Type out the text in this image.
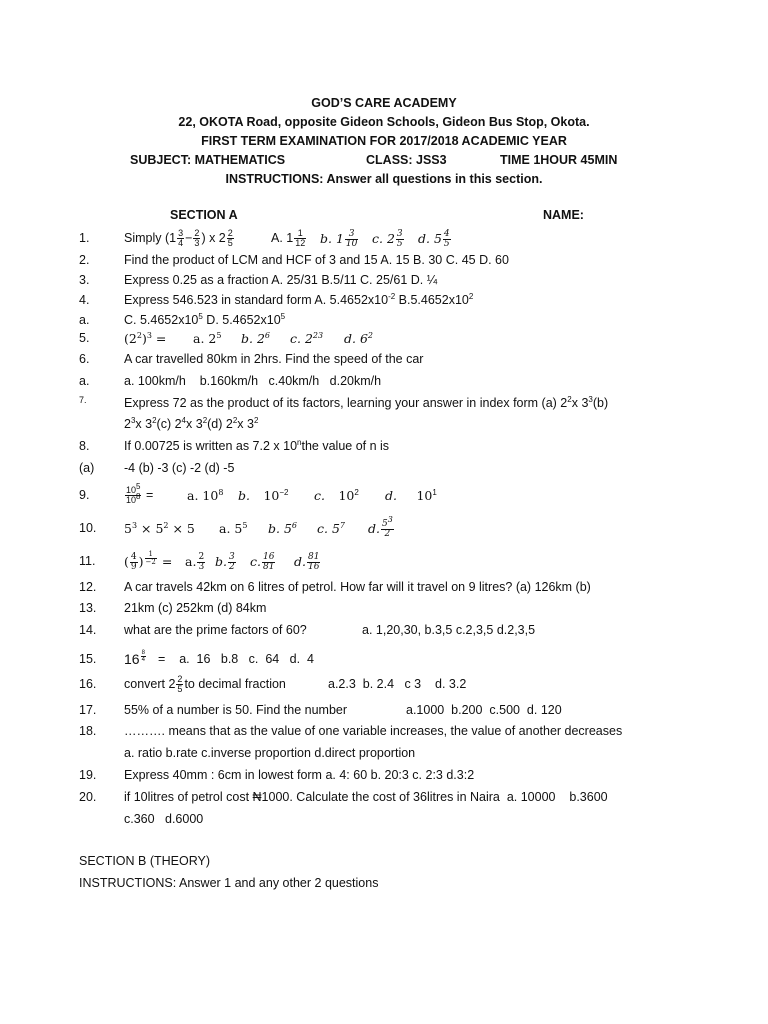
GOD’S CARE ACADEMY
22, OKOTA Road, opposite Gideon Schools, Gideon Bus Stop, Okota.
FIRST TERM EXAMINATION FOR 2017/2018 ACADEMIC YEAR
SUBJECT: MATHEMATICS	CLASS: JSS3	TIME 1HOUR 45MIN
INSTRUCTIONS: Answer all questions in this section.
SECTION A	NAME:
1.	Simply ($1 \frac{3}{4} - \frac{2}{3}$ ) x $2 \frac{2}{5}$	A. $1 \frac{1}{12} b$. $1 \frac{3}{10} c$. $2 \frac{3}{5} d$. $5 \frac{4}{5}$
2.	Find the product of LCM and HCF of 3 and 15 A. 15 B. 30 C. 45 D. 60
3.	Express 0.25 as a fraction A. 25/31 B.5/11 C. 25/61 D. ¼
4.	Express 546.523 in standard form A. $5.4652x10^{-2}$ $B.5.4652x10^2$
a.	C. $5.4652x10^5$ D. $5.4652x10^5$
5.	$(2^2)^3 = a$. $2^5$ b. $2^6$ c. $2^{23}$ d. $6^2$
6.	A car travelled 80km in 2hrs. Find the speed of the car
a.	a. 100km/h    b.160km/h   c.40km/h   d.20km/h
7.	Express 72 as the product of its factors, learning your answer in index form (a) $2^2x$ $3^3(b)$
$2^3x$ $3^2(c)$ $2^4x$ $3^2(d)$ $2^2x$ $3^2$
8.	If 0.00725 is written as 7.2 x 10$^n$the value of n is
(a) -4 (b) -3 (c) -2 (d) -5
9.	$\frac{10^5}{10^8}$ =	a. $10^8$ b. $10^{-2}$ c. $10^2$ d. $10^1$
10. $5^3 \times 5^2 \times 5$ a. $5^5$ b. $5^6$ c. $5^7$ d. $\frac{5^3}{2}$
11. ( $\frac{4}{9}$ ) $^{\frac{1}{-2}}$ = a. $\frac{2}{3} b$. $\frac{3}{2} c$. $\frac{16}{81} d$. $\frac{81}{16}$
12. A car travels 42km on 6 litres of petrol. How far will it travel on 9 litres? (a) 126km (b)
13. 21km (c) 252km (d) 84km
14. what are the prime factors of 60?	a. 1,20,30, b.3,5 c.2,3,5 d.2,3,5
15. 16 $^{\frac{8}{4}}$ =    a.  16   b.8   c.  64   d.  4
16. convert $2 \frac{2}{5}$ to decimal fraction	a.2.3  b. 2.4   c 3    d. 3.2
17. 55% of a number is 50. Find the number	a.1000  b.200  c.500  d. 120
18. ………. means that as the value of one variable increases, the value of another decreases
a. ratio b.rate c.inverse proportion d.direct proportion
19. Express 40mm : 6cm in lowest form a. 4: 60 b. 20:3 c. 2:3 d.3:2
20. if 10litres of petrol cost ₦1000. Calculate the cost of 36litres in Naira  a. 10000    b.3600
c.360   d.6000
SECTION B (THEORY)
INSTRUCTIONS: Answer 1 and any other 2 questions
